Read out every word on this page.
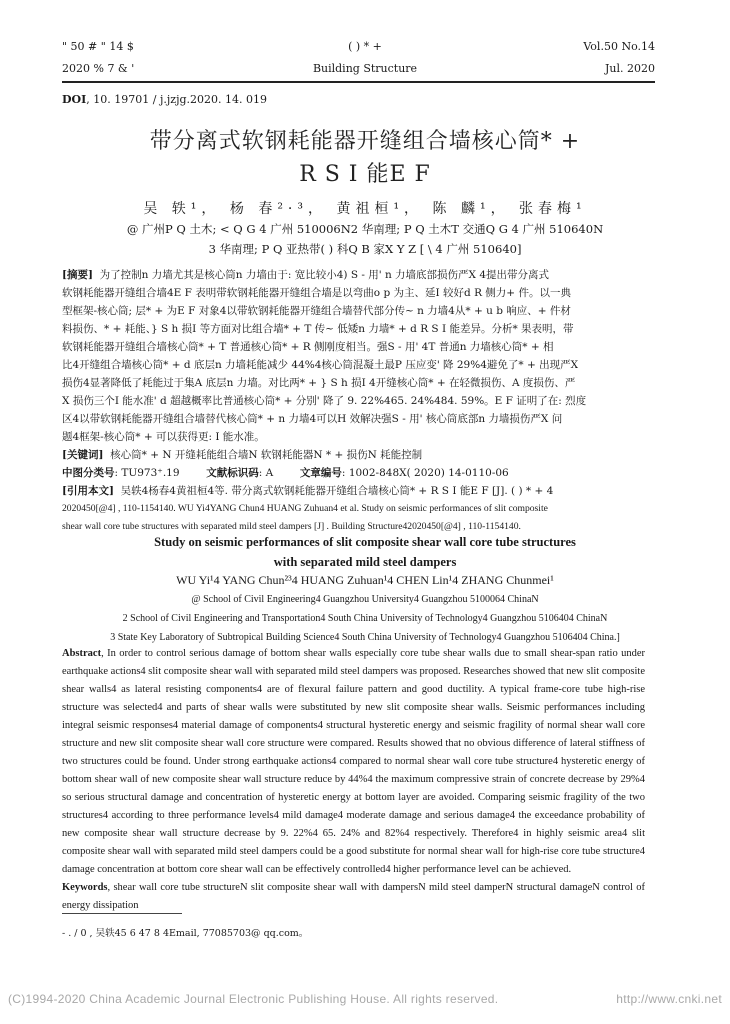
" 50 # " 14 $
2020 % 7 & '
( ) * +
Building Structure
Vol.50 No.14
Jul. 2020
DOI, 10. 19701 / j.jzjg.2020. 14. 019
带分离式软钢耗能器开缝组合墙核心筒* +
R S I 能E F
吴 轶¹， 杨 春²·³， 黄祖桓¹， 陈 麟¹， 张春梅¹
@ 广州P Q 土木; < Q G 4 广州 510006N2 华南理; P Q 土木T 交通Q G 4 广州 510640N
3 华南理; P Q 亚热带( ) 科Q B 家X Y Z [ \ 4 广州 510640]

[摘要] 为了控制n 力墙尤其是核心筒n 力墙由于: 宽比较小4) S - 用' n 力墙底部损伤严X 4提出带分离式

软钢耗能器开缝组合墙4E F 表明带软钢耗能器开缝组合墙是以弯曲o p 为主、延I 较好d R 侧力+ 件。以一典

型框架-核心筒; 层* + 为E F 对象4以带软钢耗能器开缝组合墙替代部分传~ n 力墙4从* + u b 响应、+ 件材

料损伤、* + 耗能、} S h 损I 等方面对比组合墙* + T 传~ 低矮n 力墙* + d R S I 能差异。分析* 果表明，带

软钢耗能器开缝组合墙核心筒* + T 普通核心筒* + R 侧刚度相当。强S - 用' 4T 普通n 力墙核心筒* + 相

比4开缝组合墙核心筒* + d 底层n 力墙耗能减少 44%4核心筒混凝土最P 压应变' 降 29%4避免了* + 出现严X

损伤4显著降低了耗能过于集A 底层n 力墙。对比两* + } S h 损I 4开缝核心筒* + 在轻微损伤、A 度损伤、严

X 损伤三个I 能水准' d 超越概率比普通核心筒* + 分别' 降了 9. 22%465. 24%484. 59%。E F 证明了在: 烈度

区4以带软钢耗能器开缝组合墙替代核心筒* + n 力墙4可以H 效解决强S - 用' 核心筒底部n 力墙损伤严X 问

题4框架-核心筒* + 可以获得更: I 能水准。

[关键词] 核心筒* + N 开缝耗能组合墙N 软钢耗能器N * + 损伤N 耗能控制

中图分类号: TU973⁺.19	文献标识码: A	文章编号: 1002-848X( 2020) 14-0110-06

[引用本文] 吴轶4杨春4黄祖桓4等. 带分离式软钢耗能器开缝组合墙核心筒* + R S I 能E F [J]. ( ) * + 4

2020450[@4] , 110-1154140. WU Yi4YANG Chun4 HUANG Zuhuan4 et al. Study on seismic performances of slit composite

shear wall core tube structures with separated mild steel dampers [J] . Building Structure42020450[@4] , 110-1154140.

Study on seismic performances of slit composite shear wall core tube structures
with separated mild steel dampers
WU Yi¹4 YANG Chun²³4 HUANG Zuhuan¹4 CHEN Lin¹4 ZHANG Chunmei¹
@ School of Civil Engineering4 Guangzhou University4 Guangzhou 5100064 ChinaN
2 School of Civil Engineering and Transportation4 South China University of Technology4 Guangzhou 5106404 ChinaN
3 State Key Laboratory of Subtropical Building Science4 South China University of Technology4 Guangzhou 5106404 China.]

Abstract, In order to control serious damage of bottom shear walls especially core tube shear walls due to small shear-span ratio under earthquake actions4 slit composite shear wall with separated mild steel dampers was proposed. Researches showed that new slit composite shear walls4 as lateral resisting components4 are of flexural failure pattern and good ductility. A typical frame-core tube high-rise structure was selected4 and parts of shear walls were substituted by new slit composite shear walls. Seismic performances including integral seismic responses4 material damage of components4 structural hysteretic energy and seismic fragility of normal shear wall core structure and new slit composite shear wall core structure were compared. Results showed that no obvious difference of lateral stiffness of two structures could be found. Under strong earthquake actions4 compared to normal shear wall core tube structure4 hysteretic energy of bottom shear wall of new composite shear wall structure reduce by 44%4 the maximum compressive strain of concrete decrease by 29%4 so serious structural damage and concentration of hysteretic energy at bottom layer are avoided. Comparing seismic fragility of the two structures4 according to three performance levels4 mild damage4 moderate damage and serious damage4 the exceedance probability of new composite shear wall structure decrease by 9. 22%4 65. 24% and 82%4 respectively. Therefore4 in highly seismic area4 slit composite shear wall with separated mild steel dampers could be a good substitute for normal shear wall for high-rise core tube structure4 damage concentration at bottom core shear wall can be effectively controlled4 higher performance level can be achieved.

Keywords, shear wall core tube structureN slit composite shear wall with dampersN mild steel damperN structural damageN control of energy dissipation

- . / 0 , 吴轶45 6 47 8 4Email, 77085703@ qq.com。
(C)1994-2020 China Academic Journal Electronic Publishing House. All rights reserved.	http://www.cnki.net
